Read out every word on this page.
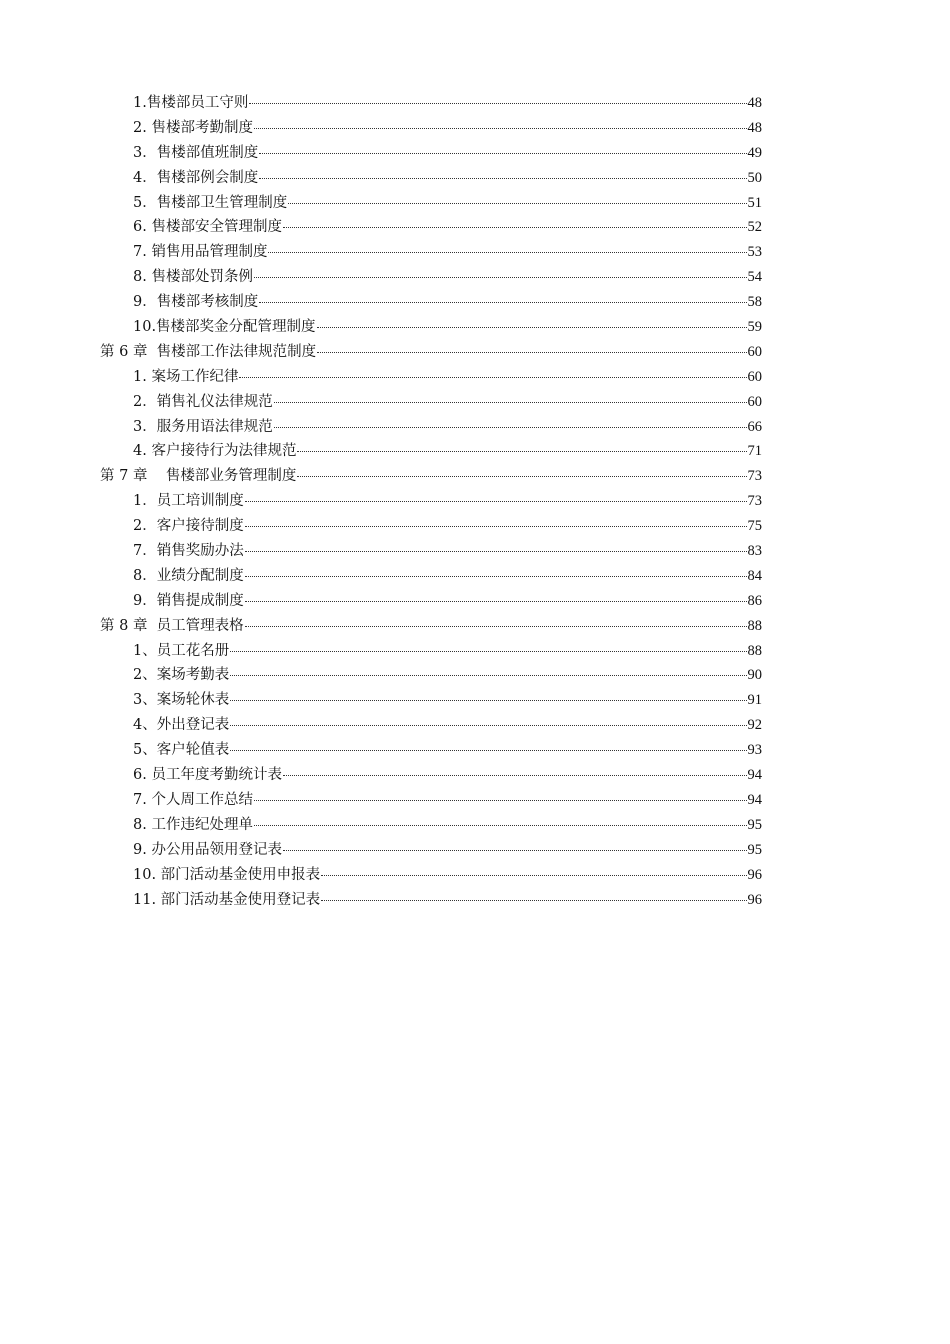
1.售楼部员工守则	48
2. 售楼部考勤制度	48
3．售楼部值班制度	49
4．售楼部例会制度	50
5．售楼部卫生管理制度	51
6. 售楼部安全管理制度	52
7. 销售用品管理制度	53
8. 售楼部处罚条例	54
9．售楼部考核制度	58
10.售楼部奖金分配管理制度	59
第 6 章  售楼部工作法律规范制度	60
1. 案场工作纪律	60
2．销售礼仪法律规范	60
3．服务用语法律规范	66
4. 客户接待行为法律规范	71
第 7 章    售楼部业务管理制度	73
1．员工培训制度	73
2．客户接待制度	75
7．销售奖励办法	83
8．业绩分配制度	84
9．销售提成制度	86
第 8 章  员工管理表格	88
1、员工花名册	88
2、案场考勤表	90
3、案场轮休表	91
4、外出登记表	92
5、客户轮值表	93
6. 员工年度考勤统计表	94
7. 个人周工作总结	94
8. 工作违纪处理单	95
9. 办公用品领用登记表	95
10. 部门活动基金使用申报表	96
11. 部门活动基金使用登记表	96
